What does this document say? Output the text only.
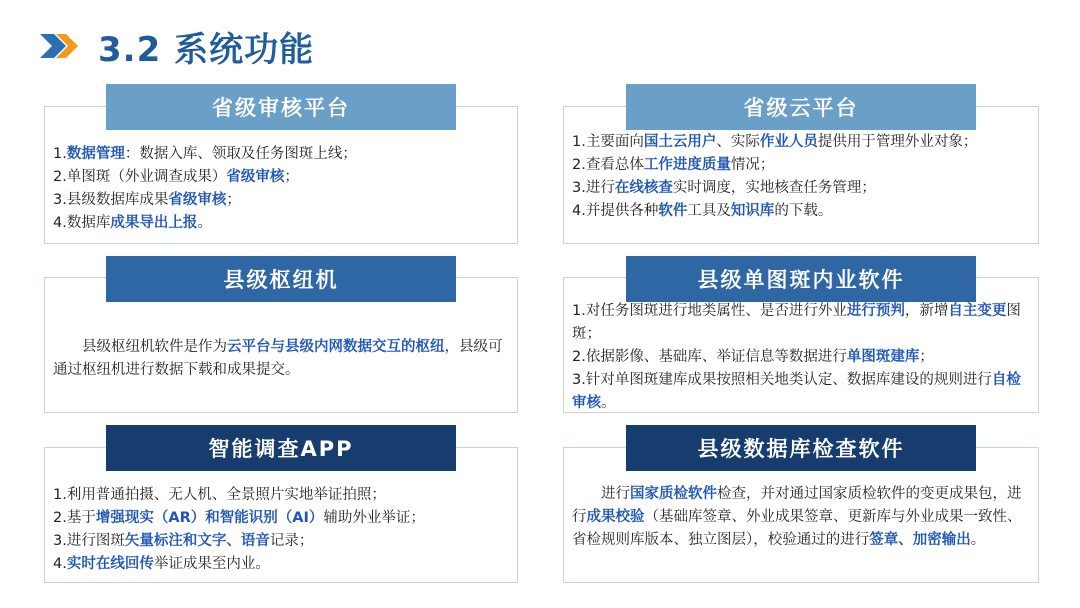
3.2 系统功能
1.数据管理：数据入库、领取及任务图斑上线；
2.单图斑（外业调查成果）省级审核；
3.县级数据库成果省级审核；
4.数据库成果导出上报。
省级审核平台
1.主要面向国土云用户、实际作业人员提供用于管理外业对象；
2.查看总体工作进度质量情况；
3.进行在线核查实时调度，实地核查任务管理；
4.并提供各种软件工具及知识库的下载。
省级云平台
县级枢纽机软件是作为云平台与县级内网数据交互的枢纽，县级可通过枢纽机进行数据下载和成果提交。
县级枢纽机
1.对任务图斑进行地类属性、是否进行外业进行预判，新增自主变更图斑；
2.依据影像、基础库、举证信息等数据进行单图斑建库；
3.针对单图斑建库成果按照相关地类认定、数据库建设的规则进行自检审核。
县级单图斑内业软件
1.利用普通拍摄、无人机、全景照片实地举证拍照；
2.基于增强现实（AR）和智能识别（AI）辅助外业举证；
3.进行图斑矢量标注和文字、语音记录；
4.实时在线回传举证成果至内业。
智能调查APP
进行国家质检软件检查，并对通过国家质检软件的变更成果包，进行成果校验（基础库签章、外业成果签章、更新库与外业成果一致性、省检规则库版本、独立图层），校验通过的进行签章、加密输出。
县级数据库检查软件
